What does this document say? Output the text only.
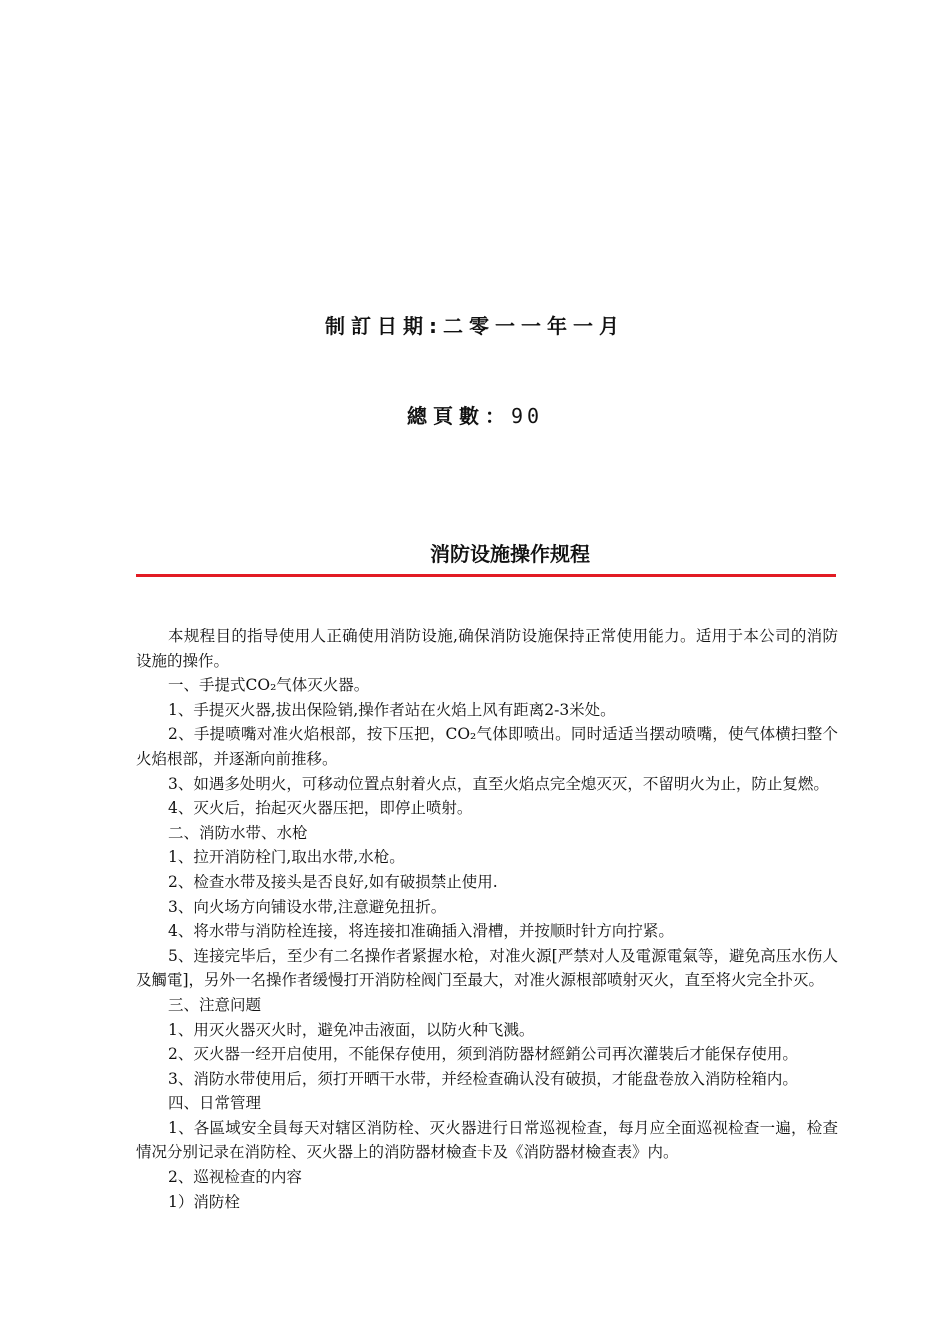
制訂日期:二零一一年一月
總頁數：90
消防设施操作规程

本规程目的指导使用人正确使用消防设施,确保消防设施保持正常使用能力。适用于本公司的消防设施的操作。

一、手提式CO₂气体灭火器。

1、手提灭火器,拔出保险销,操作者站在火焰上风有距离2-3米处。

2、手提喷嘴对准火焰根部，按下压把，CO₂气体即喷出。同时适适当摆动喷嘴，使气体横扫整个火焰根部，并逐渐向前推移。

3、如遇多处明火，可移动位置点射着火点，直至火焰点完全熄灭灭，不留明火为止，防止复燃。

4、灭火后，抬起灭火器压把，即停止喷射。

二、消防水带、水枪

1、拉开消防栓门,取出水带,水枪。

2、检查水带及接头是否良好,如有破损禁止使用.

3、向火场方向铺设水带,注意避免扭折。

4、将水带与消防栓连接，将连接扣准确插入滑槽，并按顺时针方向拧紧。

5、连接完毕后，至少有二名操作者紧握水枪，对准火源[严禁对人及電源電氣等，避免高压水伤人及觸電]，另外一名操作者缓慢打开消防栓阀门至最大，对准火源根部喷射灭火，直至将火完全扑灭。

三、注意问题

1、用灭火器灭火时，避免冲击液面，以防火种飞溅。

2、灭火器一经开启使用，不能保存使用，须到消防器材經銷公司再次灌裝后才能保存使用。

3、消防水带使用后，须打开晒干水带，并经检查确认没有破损，才能盘卷放入消防栓箱内。

四、日常管理

1、各區域安全員每天对辖区消防栓、灭火器进行日常巡视检查，每月应全面巡视检查一遍，检查情况分别记录在消防栓、灭火器上的消防器材檢查卡及《消防器材檢查表》内。

2、巡视检查的内容

1）消防栓
